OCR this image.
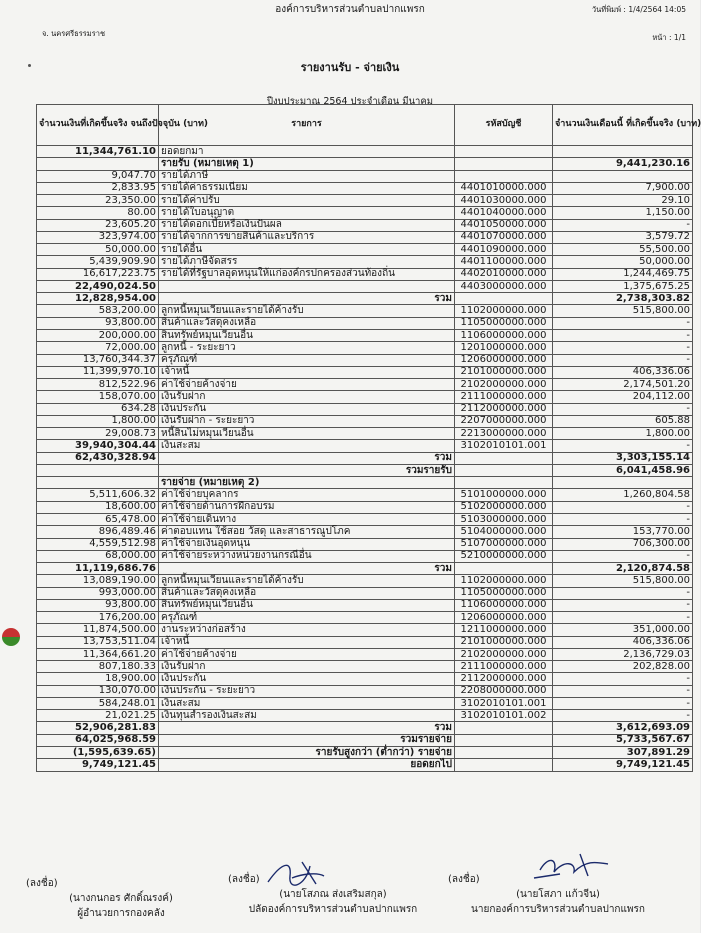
องค์การบริหารส่วนตำบลปากแพรก	วันที่พิมพ์ : 1/4/2564 14:05
จ. นครศรีธรรมราช	หน้า : 1/1
รายงานรับ - จ่ายเงิน
ปีงบประมาณ 2564 ประจำเดือน มีนาคม
จำนวนเงินที่เกิดขึ้นจริง จนถึงปัจจุบัน (บาท)	รายการ	รหัสบัญชี	จำนวนเงินเดือนนี้ ที่เกิดขึ้นจริง (บาท)
11,344,761.10	ยอดยกมา		
	รายรับ (หมายเหตุ 1)		9,441,230.16
9,047.70	รายได้ภาษี		
2,833.95	รายได้ค่าธรรมเนียม	4401010000.000	7,900.00
23,350.00	รายได้ค่าปรับ	4401030000.000	29.10
80.00	รายได้ใบอนุญาต	4401040000.000	1,150.00
23,605.20	รายได้ดอกเบี้ยหรือเงินปันผล	4401050000.000	-
323,974.00	รายได้จากการขายสินค้าและบริการ	4401070000.000	3,579.72
50,000.00	รายได้อื่น	4401090000.000	55,500.00
5,439,909.90	รายได้ภาษีจัดสรร	4401100000.000	50,000.00
16,617,223.75	รายได้ที่รัฐบาลอุดหนุนให้แก่องค์กรปกครองส่วนท้องถิ่น	4402010000.000	1,244,469.75
22,490,024.50		4403000000.000	1,375,675.25
12,828,954.00	รวม		2,738,303.82
583,200.00	ลูกหนี้หมุนเวียนและรายได้ค้างรับ	1102000000.000	515,800.00
93,800.00	สินค้าและวัสดุคงเหลือ	1105000000.000	-
200,000.00	สินทรัพย์หมุนเวียนอื่น	1106000000.000	-
72,000.00	ลูกหนี้ - ระยะยาว	1201000000.000	-
13,760,344.37	ครุภัณฑ์	1206000000.000	-
11,399,970.10	เจ้าหนี้	2101000000.000	406,336.06
812,522.96	ค่าใช้จ่ายค้างจ่าย	2102000000.000	2,174,501.20
158,070.00	เงินรับฝาก	2111000000.000	204,112.00
634.28	เงินประกัน	2112000000.000	-
1,800.00	เงินรับฝาก - ระยะยาว	2207000000.000	605.88
29,008.73	หนี้สินไม่หมุนเวียนอื่น	2213000000.000	1,800.00
39,940,304.44	เงินสะสม	3102010101.001	-
62,430,328.94	รวม		3,303,155.14
	รวมรายรับ		6,041,458.96
	รายจ่าย (หมายเหตุ 2)		
5,511,606.32	ค่าใช้จ่ายบุคลากร	5101000000.000	1,260,804.58
18,600.00	ค่าใช้จ่ายด้านการฝึกอบรม	5102000000.000	-
65,478.00	ค่าใช้จ่ายเดินทาง	5103000000.000	-
896,489.46	ค่าตอบแทน ใช้สอย วัสดุ และสาธารณูปโภค	5104000000.000	153,770.00
4,559,512.98	ค่าใช้จ่ายเงินอุดหนุน	5107000000.000	706,300.00
68,000.00	ค่าใช้จ่ายระหว่างหน่วยงานกรณีอื่น	5210000000.000	-
11,119,686.76	รวม		2,120,874.58
13,089,190.00	ลูกหนี้หมุนเวียนและรายได้ค้างรับ	1102000000.000	515,800.00
993,000.00	สินค้าและวัสดุคงเหลือ	1105000000.000	-
93,800.00	สินทรัพย์หมุนเวียนอื่น	1106000000.000	-
176,200.00	ครุภัณฑ์	1206000000.000	-
11,874,500.00	งานระหว่างก่อสร้าง	1211000000.000	351,000.00
13,753,511.04	เจ้าหนี้	2101000000.000	406,336.06
11,364,661.20	ค่าใช้จ่ายค้างจ่าย	2102000000.000	2,136,729.03
807,180.33	เงินรับฝาก	2111000000.000	202,828.00
18,900.00	เงินประกัน	2112000000.000	-
130,070.00	เงินประกัน - ระยะยาว	2208000000.000	-
584,248.01	เงินสะสม	3102010101.001	-
21,021.25	เงินทุนสำรองเงินสะสม	3102010101.002	-
52,906,281.83	รวม		3,612,693.09
64,025,968.59	รวมรายจ่าย		5,733,567.67
(1,595,639.65)	รายรับสูงกว่า (ต่ำกว่า) รายจ่าย		307,891.29
9,749,121.45	ยอดยกไป		9,749,121.45
(ลงชื่อ)
(นางกนกอร ศักดิ์ณรงค์)
ผู้อำนวยการกองคลัง
(ลงชื่อ)
(นายโสภณ ส่งเสริมสกุล)
ปลัดองค์การบริหารส่วนตำบลปากแพรก
(ลงชื่อ)
(นายโสภา แก้วจีน)
นายกองค์การบริหารส่วนตำบลปากแพรก
